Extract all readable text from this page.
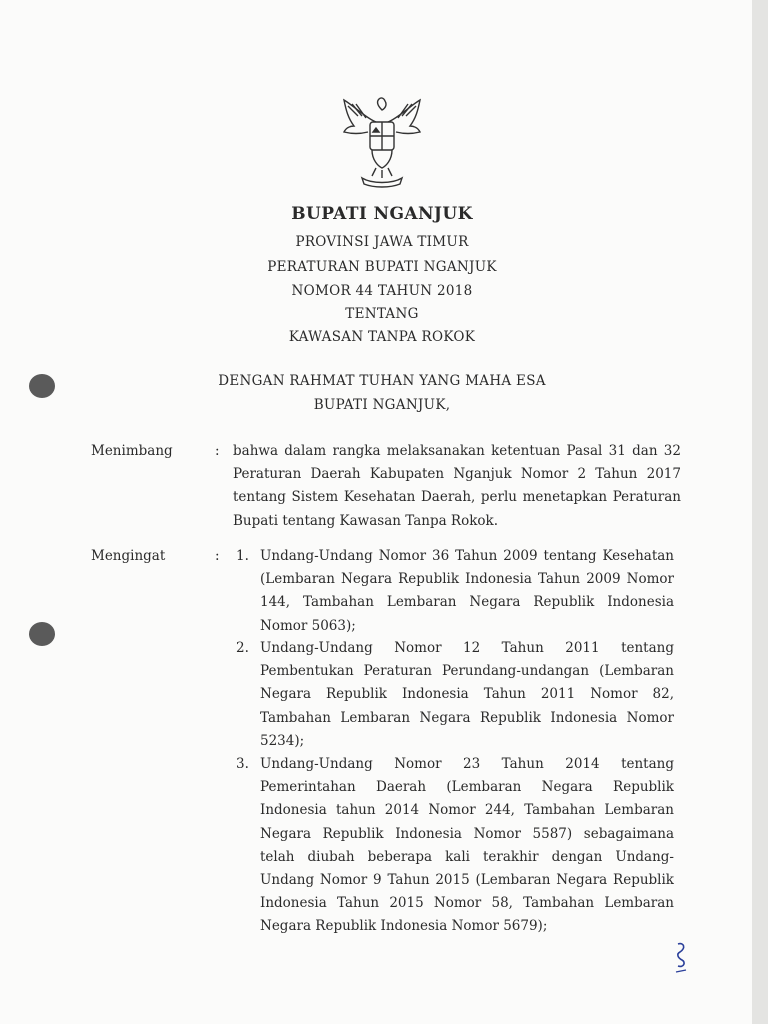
BUPATI NGANJUK
PROVINSI JAWA TIMUR
PERATURAN BUPATI NGANJUK
NOMOR 44 TAHUN 2018
TENTANG
KAWASAN TANPA ROKOK
DENGAN RAHMAT TUHAN YANG MAHA ESA
BUPATI NGANJUK,
Menimbang	: bahwa dalam rangka melaksanakan ketentuan Pasal 31 dan 32 Peraturan Daerah Kabupaten Nganjuk Nomor 2 Tahun 2017 tentang Sistem Kesehatan Daerah, perlu menetapkan Peraturan Bupati tentang Kawasan Tanpa Rokok.
Mengingat	: 1. Undang-Undang Nomor 36 Tahun 2009 tentang Kesehatan (Lembaran Negara Republik Indonesia Tahun 2009 Nomor 144, Tambahan Lembaran Negara Republik Indonesia Nomor 5063);
2. Undang-Undang Nomor 12 Tahun 2011 tentang Pembentukan Peraturan Perundang-undangan (Lembaran Negara Republik Indonesia Tahun 2011 Nomor 82, Tambahan Lembaran Negara Republik Indonesia Nomor 5234);
3. Undang-Undang Nomor 23 Tahun 2014 tentang Pemerintahan Daerah (Lembaran Negara Republik Indonesia tahun 2014 Nomor 244, Tambahan Lembaran Negara Republik Indonesia Nomor 5587) sebagaimana telah diubah beberapa kali terakhir dengan Undang-Undang Nomor 9 Tahun 2015 (Lembaran Negara Republik Indonesia Tahun 2015 Nomor 58, Tambahan Lembaran Negara Republik Indonesia Nomor 5679);
